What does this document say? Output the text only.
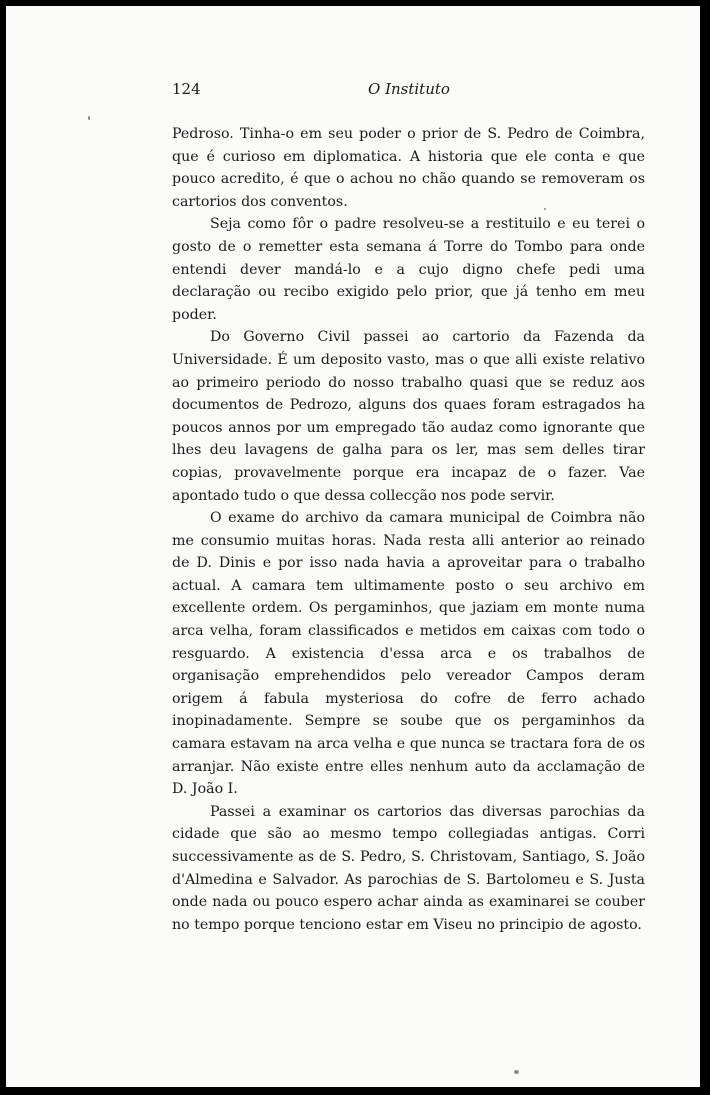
124	O Instituto

Pedroso. Tinha-o em seu poder o prior de S. Pedro de Coimbra, que é curioso em diplomatica. A historia que ele conta e que pouco acredito, é que o achou no chão quando se removeram os cartorios dos conventos.

Seja como fôr o padre resolveu-se a restituilo e eu terei o gosto de o remetter esta semana á Torre do Tombo para onde entendi dever mandá-lo e a cujo digno chefe pedi uma declaração ou recibo exigido pelo prior, que já tenho em meu poder.

Do Governo Civil passei ao cartorio da Fazenda da Universidade. É um deposito vasto, mas o que alli existe relativo ao primeiro periodo do nosso trabalho quasi que se reduz aos documentos de Pedrozo, alguns dos quaes foram estragados ha poucos annos por um empregado tão audaz como ignorante que lhes deu lavagens de galha para os ler, mas sem delles tirar copias, provavelmente porque era incapaz de o fazer. Vae apontado tudo o que dessa collecção nos pode servir.

O exame do archivo da camara municipal de Coimbra não me consumio muitas horas. Nada resta alli anterior ao reinado de D. Dinis e por isso nada havia a aproveitar para o trabalho actual. A camara tem ultimamente posto o seu archivo em excellente ordem. Os pergaminhos, que jaziam em monte numa arca velha, foram classificados e metidos em caixas com todo o resguardo. A existencia d'essa arca e os trabalhos de organisação emprehendidos pelo vereador Campos deram origem á fabula mysteriosa do cofre de ferro achado inopinadamente. Sempre se soube que os pergaminhos da camara estavam na arca velha e que nunca se tractara fora de os arranjar. Não existe entre elles nenhum auto da acclamação de D. João I.

Passei a examinar os cartorios das diversas parochias da cidade que são ao mesmo tempo collegiadas antigas. Corri successivamente as de S. Pedro, S. Christovam, Santiago, S. João d'Almedina e Salvador. As parochias de S. Bartolomeu e S. Justa onde nada ou pouco espero achar ainda as examinarei se couber no tempo porque tenciono estar em Viseu no principio de agosto.
